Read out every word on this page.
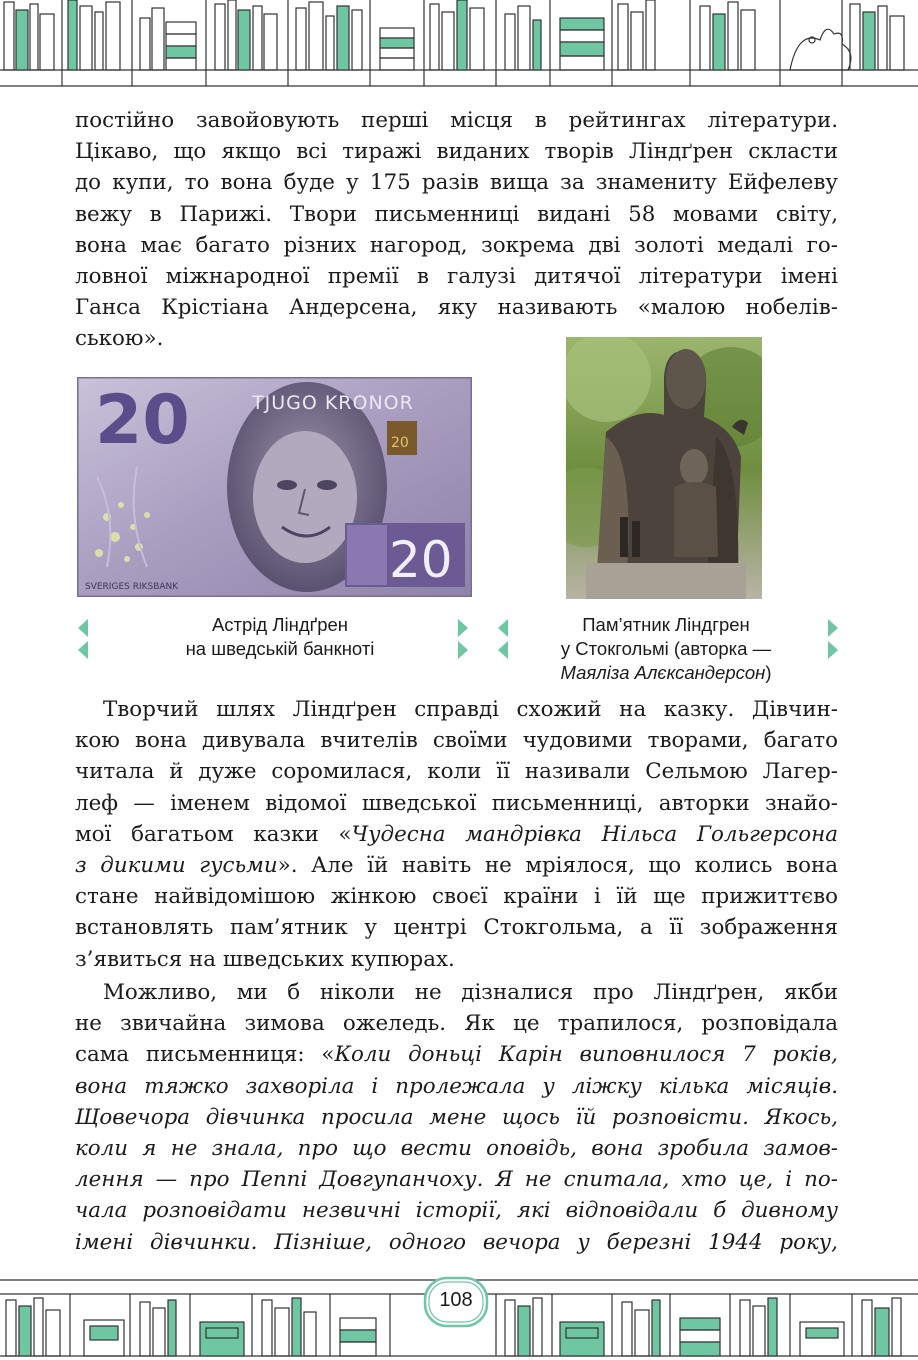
постійно завойовують перші місця в рейтингах літератури.
Цікаво, що якщо всі тиражі виданих творів Ліндґрен скласти
до купи, то вона буде у 175 разів вища за знамениту Ейфелеву
вежу в Парижі. Твори письменниці видані 58 мовами світу,
вона має багато різних нагород, зокрема дві золоті медалі го-
ловної міжнародної премії в галузі дитячої літератури імені
Ганса Крістіана Андерсена, яку називають «малою нобелів-
ською».
20	TJUGO KRONOR
SVERIGES RIKSBANK	20
20
Астрід Ліндґрен
на шведській банкноті
Пам’ятник Ліндгрен
у Стокгольмі (авторка —
Маяліза Алєксандерсон)
Творчий шлях Ліндґрен справді схожий на казку. Дівчин-
кою вона дивувала вчителів своїми чудовими творами, багато
читала й дуже соромилася, коли її називали Сельмою Лагер-
леф — іменем відомої шведської письменниці, авторки знайо-
мої багатьом казки «Чудесна мандрівка Нільса Гольгерсона
з дикими гусьми». Але їй навіть не мріялося, що колись вона
стане найвідомішою жінкою своєї країни і їй ще прижиттєво
встановлять пам’ятник у центрі Стокгольма, а її зображення
з’явиться на шведських купюрах.
Можливо, ми б ніколи не дізналися про Ліндґрен, якби
не звичайна зимова ожеледь. Як це трапилося, розповідала
сама письменниця: «Коли доньці Карін виповнилося 7 років,
вона тяжко захворіла і пролежала у ліжку кілька місяців.
Щовечора дівчинка просила мене щось їй розповісти. Якось,
коли я не знала, про що вести оповідь, вона зробила замов-
лення — про Пеппі Довгупанчоху. Я не спитала, хто це, і по-
чала розповідати незвичні історії, які відповідали б дивному
імені дівчинки. Пізніше, одного вечора у березні 1944 року,
108
